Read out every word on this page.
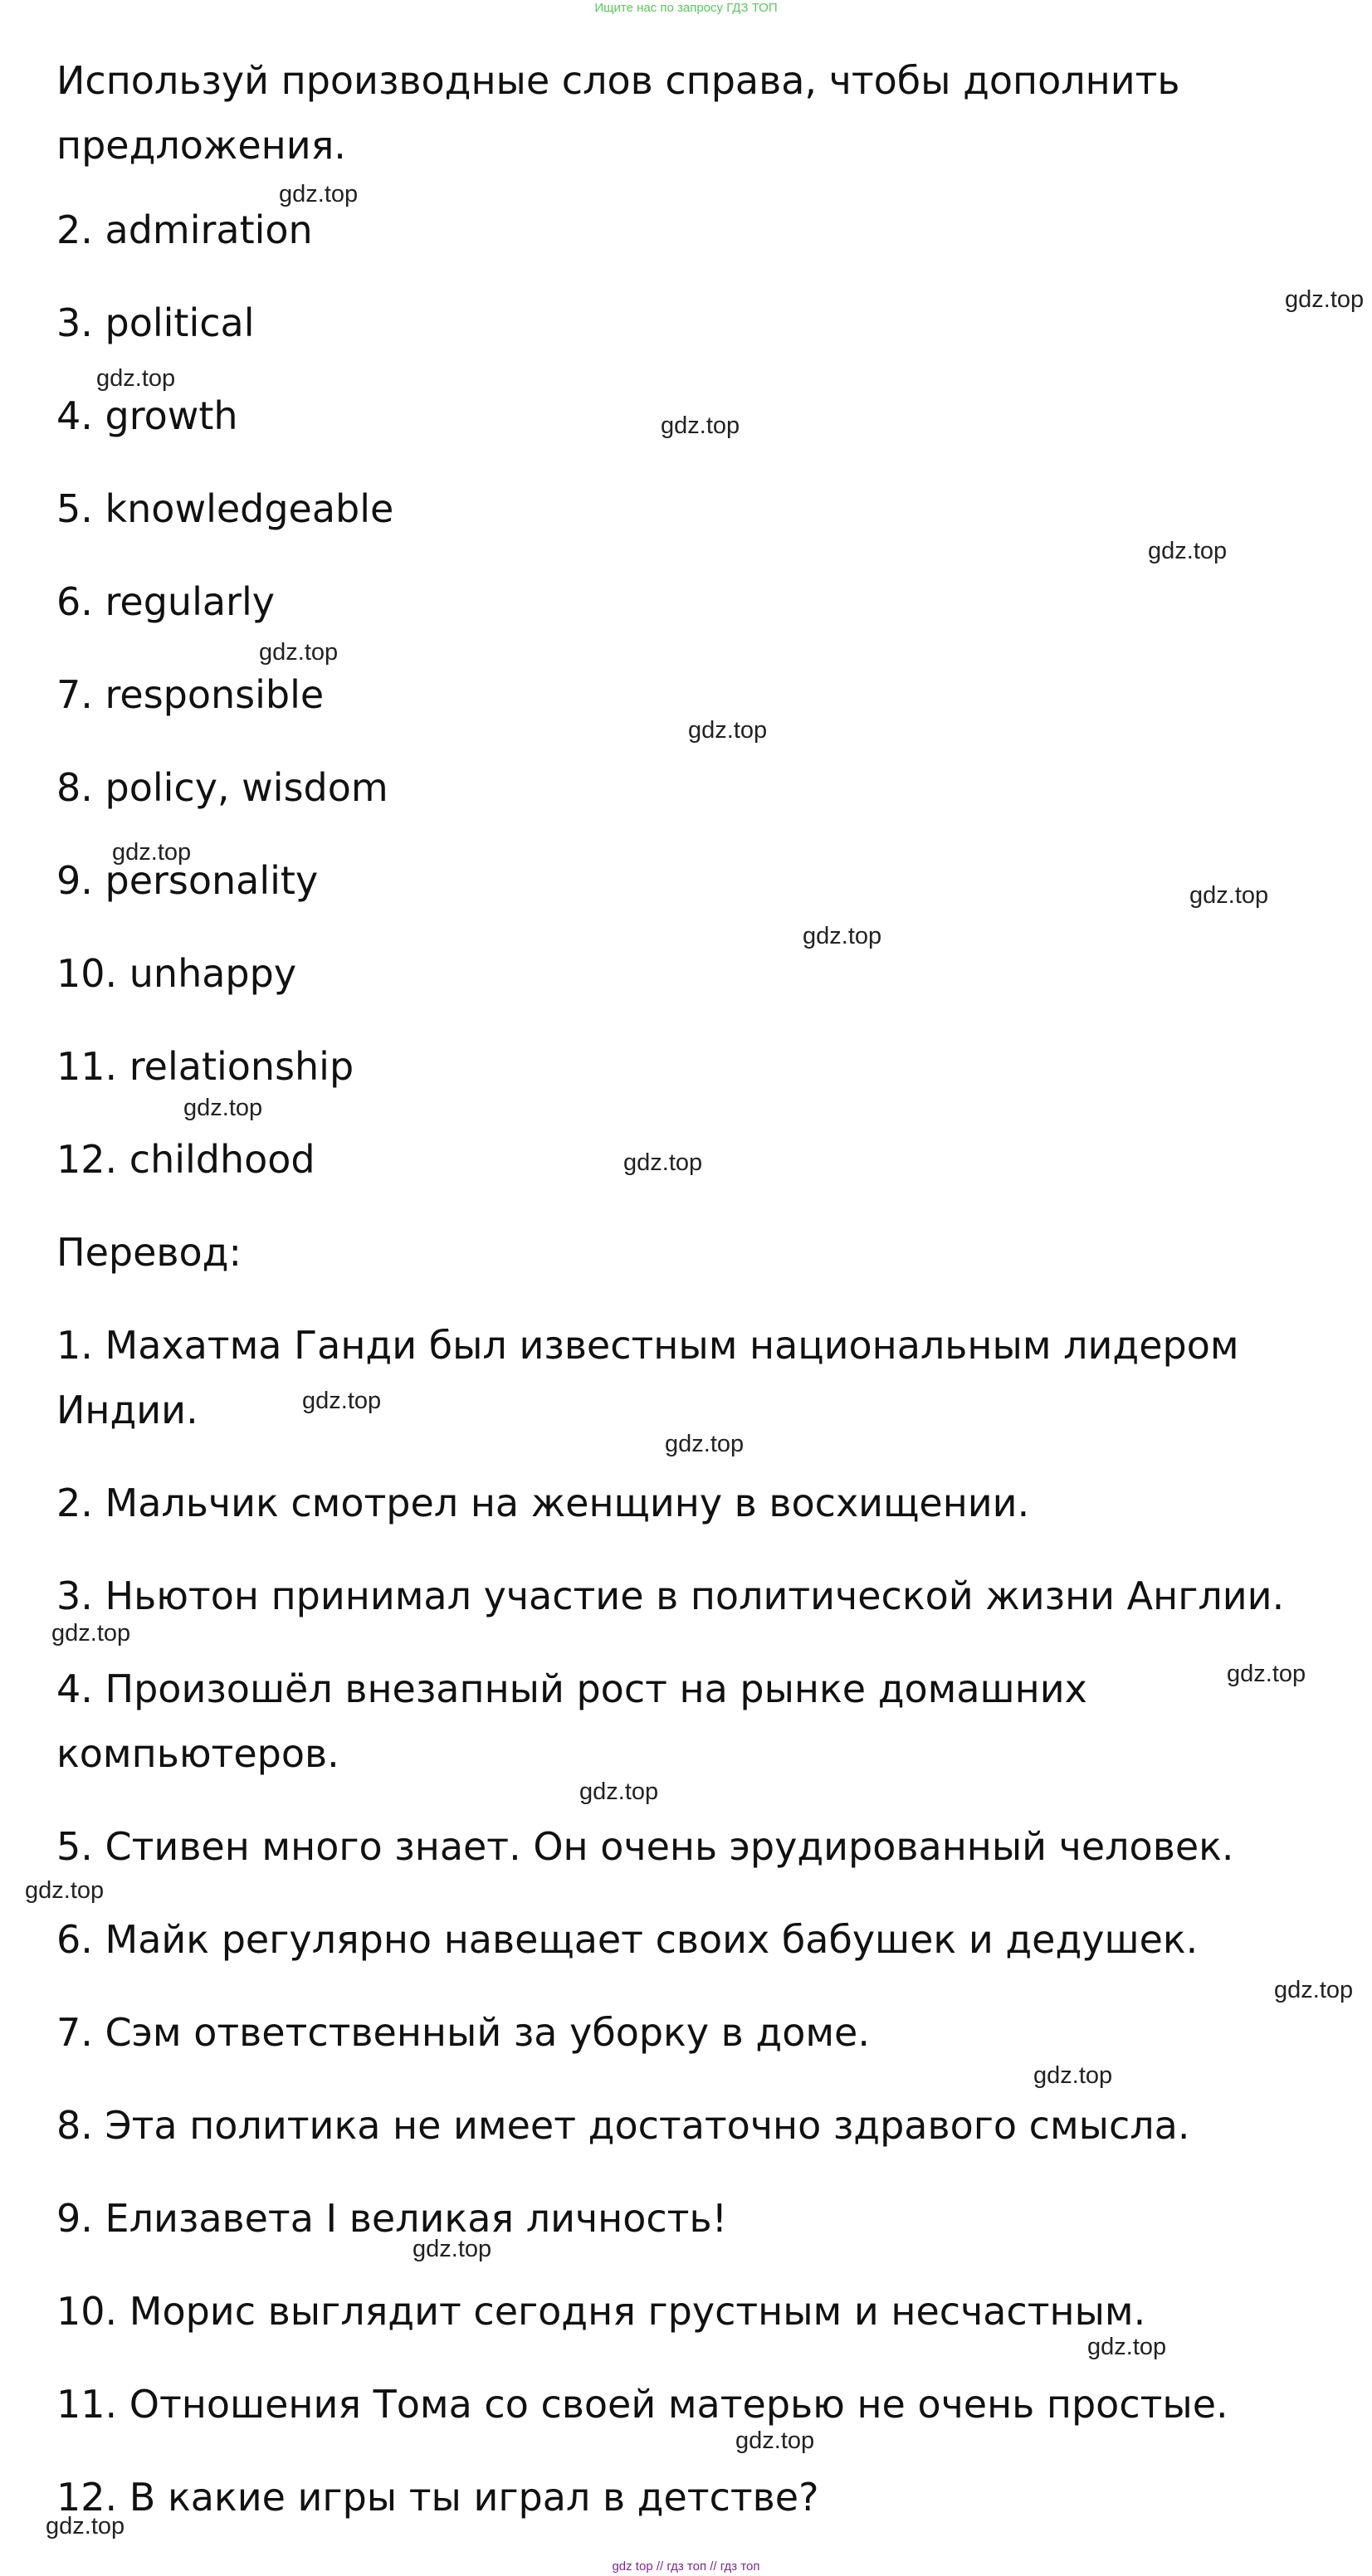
Ищите нас по запросу ГДЗ ТОП
Используй производные слов справа, чтобы дополнить предложения.
2. admiration
3. political
4. growth
5. knowledgeable
6. regularly
7. responsible
8. policy, wisdom
9. personality
10. unhappy
11. relationship
12. childhood
Перевод:
1. Махатма Ганди был известным национальным лидером Индии.
2. Мальчик смотрел на женщину в восхищении.
3. Ньютон принимал участие в политической жизни Англии.
4. Произошёл внезапный рост на рынке домашних компьютеров.
5. Стивен много знает. Он очень эрудированный человек.
6. Майк регулярно навещает своих бабушек и дедушек.
7. Сэм ответственный за уборку в доме.
8. Эта политика не имеет достаточно здравого смысла.
9. Елизавета I великая личность!
10. Морис выглядит сегодня грустным и несчастным.
11. Отношения Тома со своей матерью не очень простые.
12. В какие игры ты играл в детстве?
gdz.top
gdz.top
gdz.top
gdz.top
gdz.top
gdz.top
gdz.top
gdz.top
gdz.top
gdz.top
gdz.top
gdz.top
gdz.top
gdz.top
gdz.top
gdz.top
gdz.top
gdz.top
gdz.top
gdz.top
gdz.top
gdz.top
gdz.top
gdz.top
gdz top // гдз топ // гдз топ
